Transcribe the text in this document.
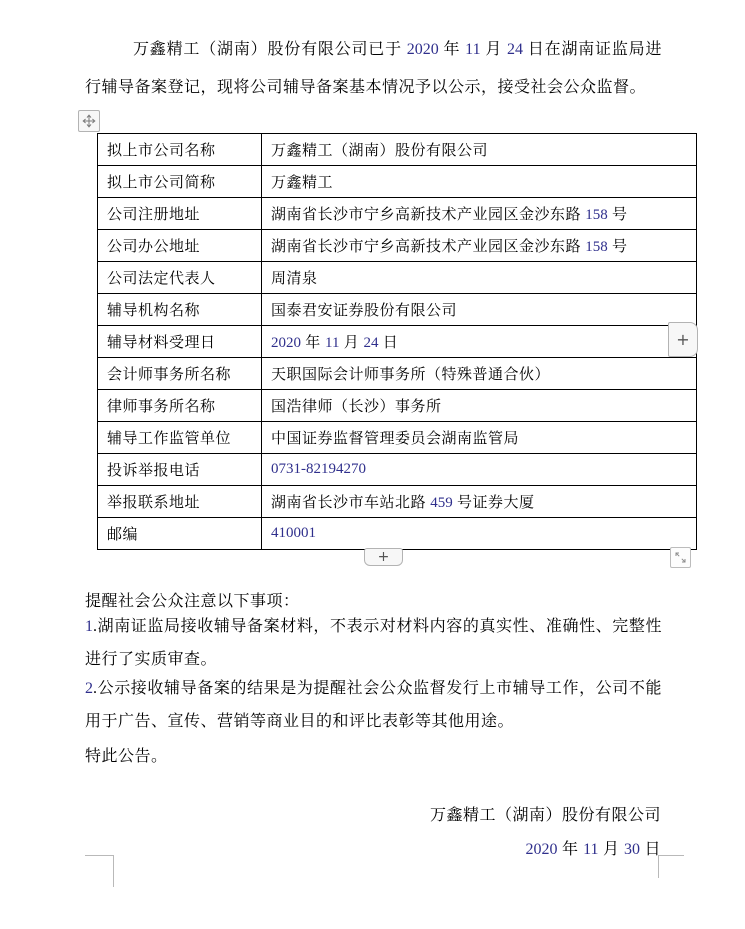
万鑫精工（湖南）股份有限公司已于 2020 年 11 月 24 日在湖南证监局进行辅导备案登记，现将公司辅导备案基本情况予以公示，接受社会公众监督。
拟上市公司名称	万鑫精工（湖南）股份有限公司
拟上市公司简称	万鑫精工
公司注册地址	湖南省长沙市宁乡高新技术产业园区金沙东路 158 号
公司办公地址	湖南省长沙市宁乡高新技术产业园区金沙东路 158 号
公司法定代表人	周清泉
辅导机构名称	国泰君安证券股份有限公司
辅导材料受理日	2020 年 11 月 24 日
会计师事务所名称	天职国际会计师事务所（特殊普通合伙）
律师事务所名称	国浩律师（长沙）事务所
辅导工作监管单位	中国证券监督管理委员会湖南监管局
投诉举报电话	0731-82194270
举报联系地址	湖南省长沙市车站北路 459 号证券大厦
邮编	410001
+
+
提醒社会公众注意以下事项：
1.湖南证监局接收辅导备案材料，不表示对材料内容的真实性、准确性、完整性进行了实质审查。
2.公示接收辅导备案的结果是为提醒社会公众监督发行上市辅导工作，公司不能用于广告、宣传、营销等商业目的和评比表彰等其他用途。
特此公告。
万鑫精工（湖南）股份有限公司
2020 年 11 月 30 日
